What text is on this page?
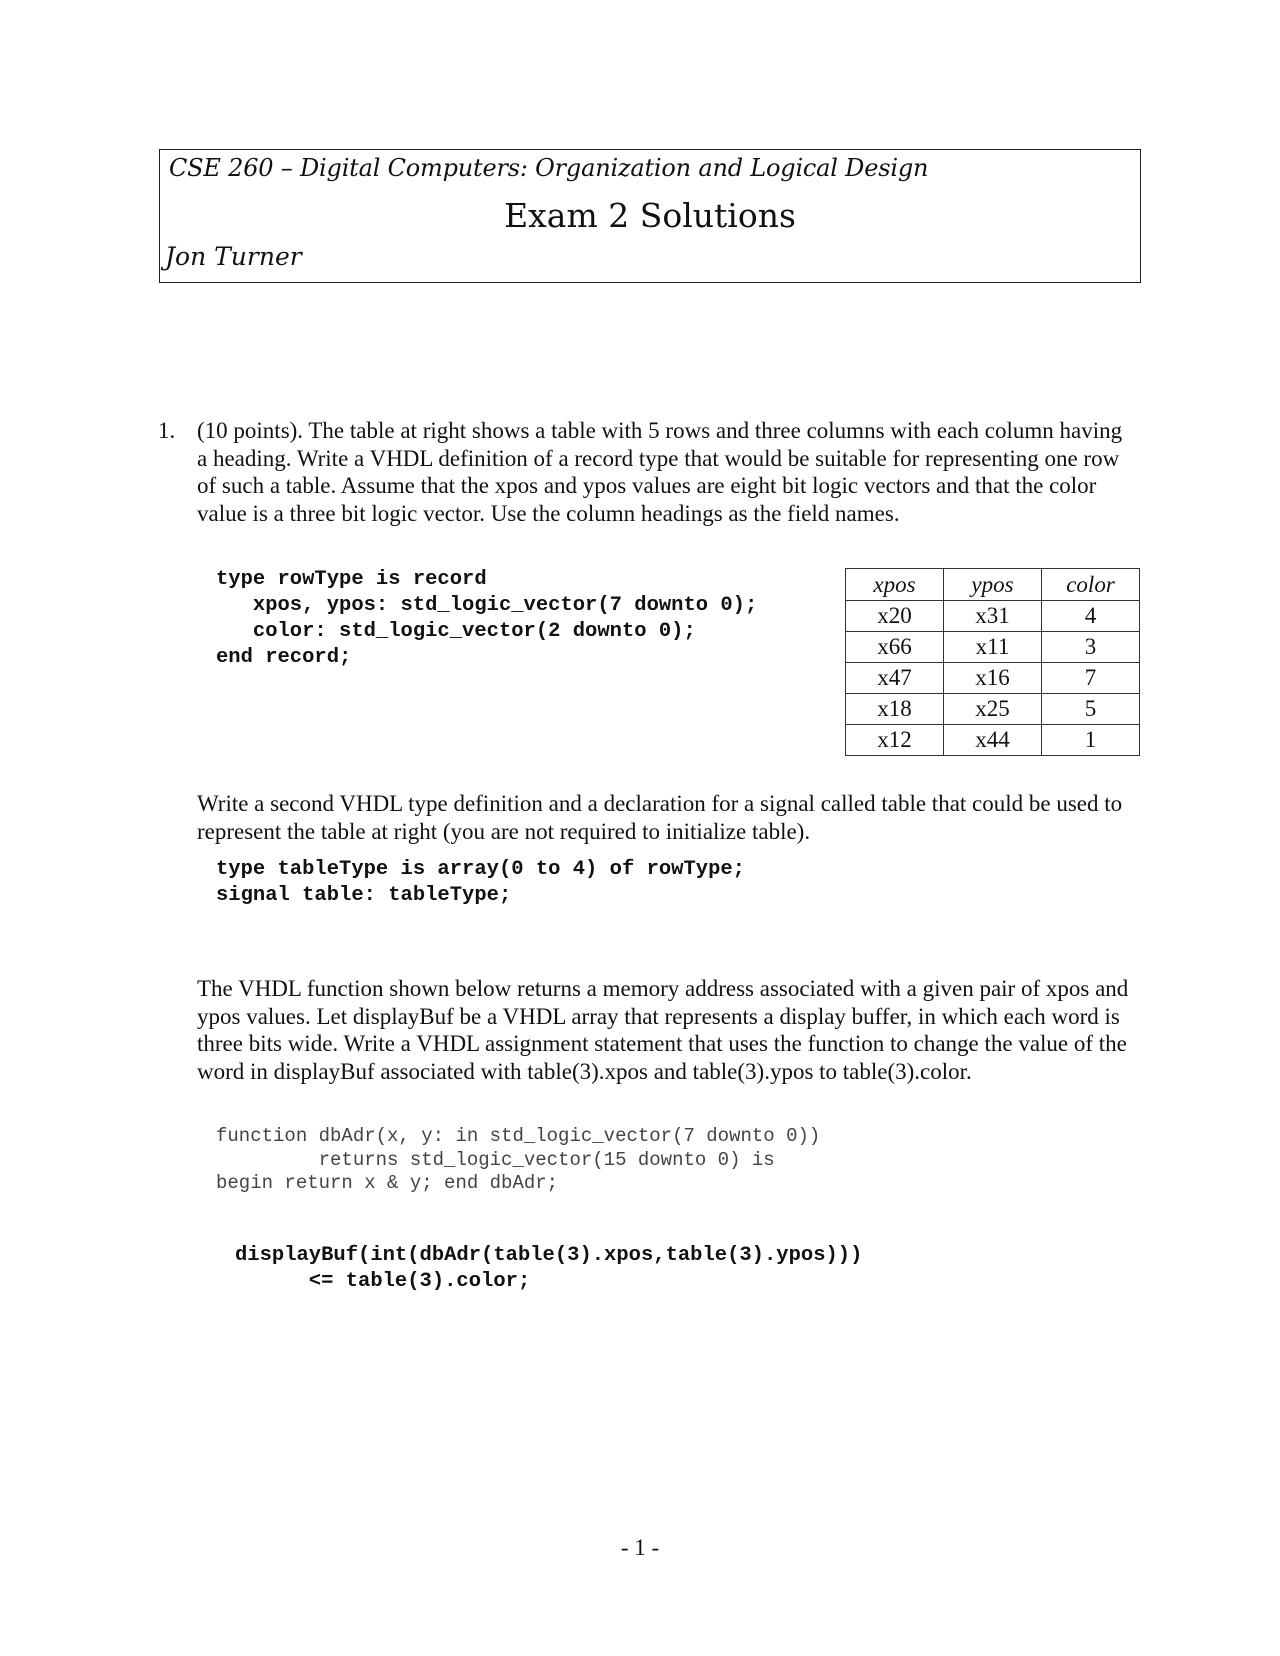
CSE 260 – Digital Computers: Organization and Logical Design
Exam 2 Solutions
Jon Turner
1. (10 points). The table at right shows a table with 5 rows and three columns with each column having a heading. Write a VHDL definition of a record type that would be suitable for representing one row of such a table. Assume that the xpos and ypos values are eight bit logic vectors and that the color value is a three bit logic vector. Use the column headings as the field names.
type rowType is record
xpos, ypos: std_logic_vector(7 downto 0);
color: std_logic_vector(2 downto 0);
end record;
xpos	ypos	color
x20	x31	4
x66	x11	3
x47	x16	7
x18	x25	5
x12	x44	1
Write a second VHDL type definition and a declaration for a signal called table that could be used to represent the table at right (you are not required to initialize table).
type tableType is array(0 to 4) of rowType;
signal table: tableType;
The VHDL function shown below returns a memory address associated with a given pair of xpos and ypos values. Let displayBuf be a VHDL array that represents a display buffer, in which each word is three bits wide. Write a VHDL assignment statement that uses the function to change the value of the word in displayBuf associated with table(3).xpos and table(3).ypos to table(3).color.
function dbAdr(x, y: in std_logic_vector(7 downto 0))
returns std_logic_vector(15 downto 0) is
begin return x & y; end dbAdr;
displayBuf(int(dbAdr(table(3).xpos,table(3).ypos)))
<= table(3).color;
- 1 -
